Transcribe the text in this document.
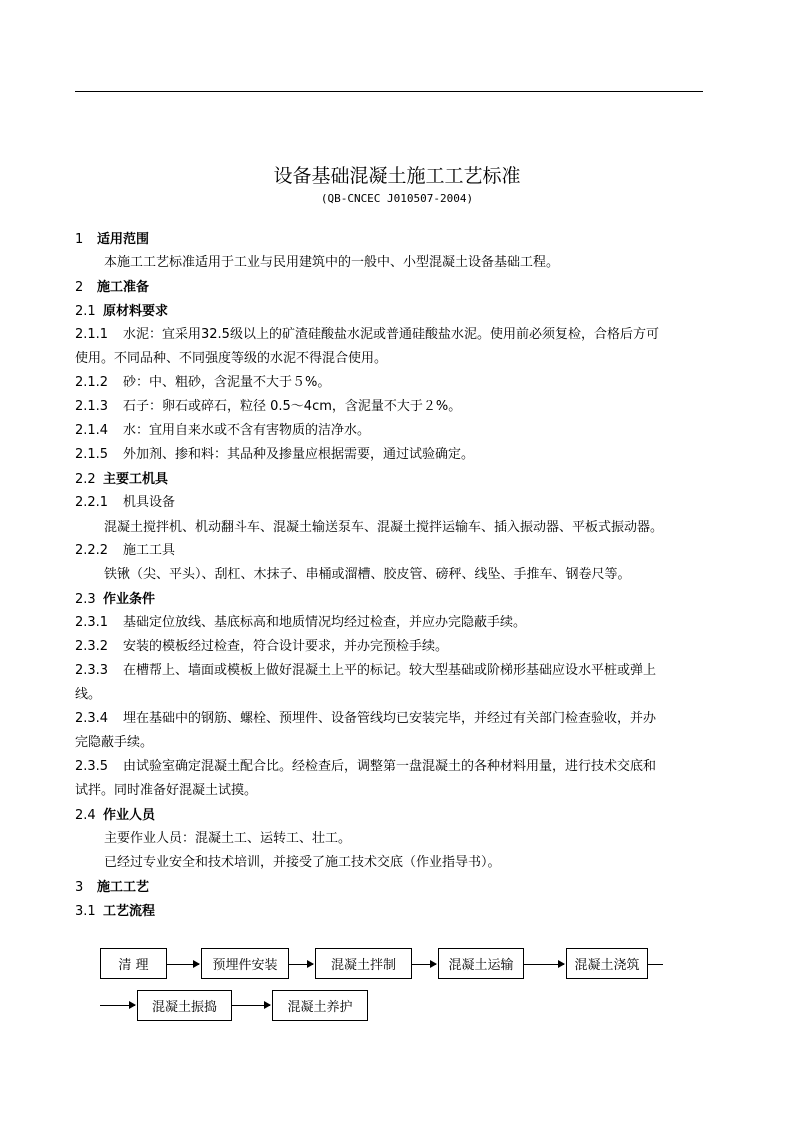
设备基础混凝土施工工艺标准
(QB-CNCEC J010507-2004)
1 适用范围
本施工工艺标准适用于工业与民用建筑中的一般中、小型混凝土设备基础工程。
2 施工准备
2.1 原材料要求
2.1.1 水泥：宜采用32.5级以上的矿渣硅酸盐水泥或普通硅酸盐水泥。使用前必须复检，合格后方可
使用。不同品种、不同强度等级的水泥不得混合使用。
2.1.2 砂：中、粗砂，含泥量不大于５%。
2.1.3 石子：卵石或碎石，粒径 0.5～4cm，含泥量不大于２%。
2.1.4 水：宜用自来水或不含有害物质的洁净水。
2.1.5 外加剂、掺和料：其品种及掺量应根据需要，通过试验确定。
2.2 主要工机具
2.2.1 机具设备
混凝土搅拌机、机动翻斗车、混凝土输送泵车、混凝土搅拌运输车、插入振动器、平板式振动器。
2.2.2 施工工具
铁锹（尖、平头）、刮杠、木抹子、串桶或溜槽、胶皮管、磅秤、线坠、手推车、钢卷尺等。
2.3 作业条件
2.3.1 基础定位放线、基底标高和地质情况均经过检查，并应办完隐蔽手续。
2.3.2 安装的模板经过检查，符合设计要求，并办完预检手续。
2.3.3 在槽帮上、墙面或模板上做好混凝土上平的标记。较大型基础或阶梯形基础应设水平桩或弹上
线。
2.3.4 埋在基础中的钢筋、螺栓、预埋件、设备管线均已安装完毕，并经过有关部门检查验收，并办
完隐蔽手续。
2.3.5 由试验室确定混凝土配合比。经检查后，调整第一盘混凝土的各种材料用量，进行技术交底和
试拌。同时准备好混凝土试摸。
2.4 作业人员
主要作业人员：混凝土工、运转工、壮工。
已经过专业安全和技术培训，并接受了施工技术交底（作业指导书）。
3 施工工艺
3.1 工艺流程
清 理	预埋件安装	混凝土拌制	混凝土运输	混凝土浇筑
混凝土振捣	混凝土养护
